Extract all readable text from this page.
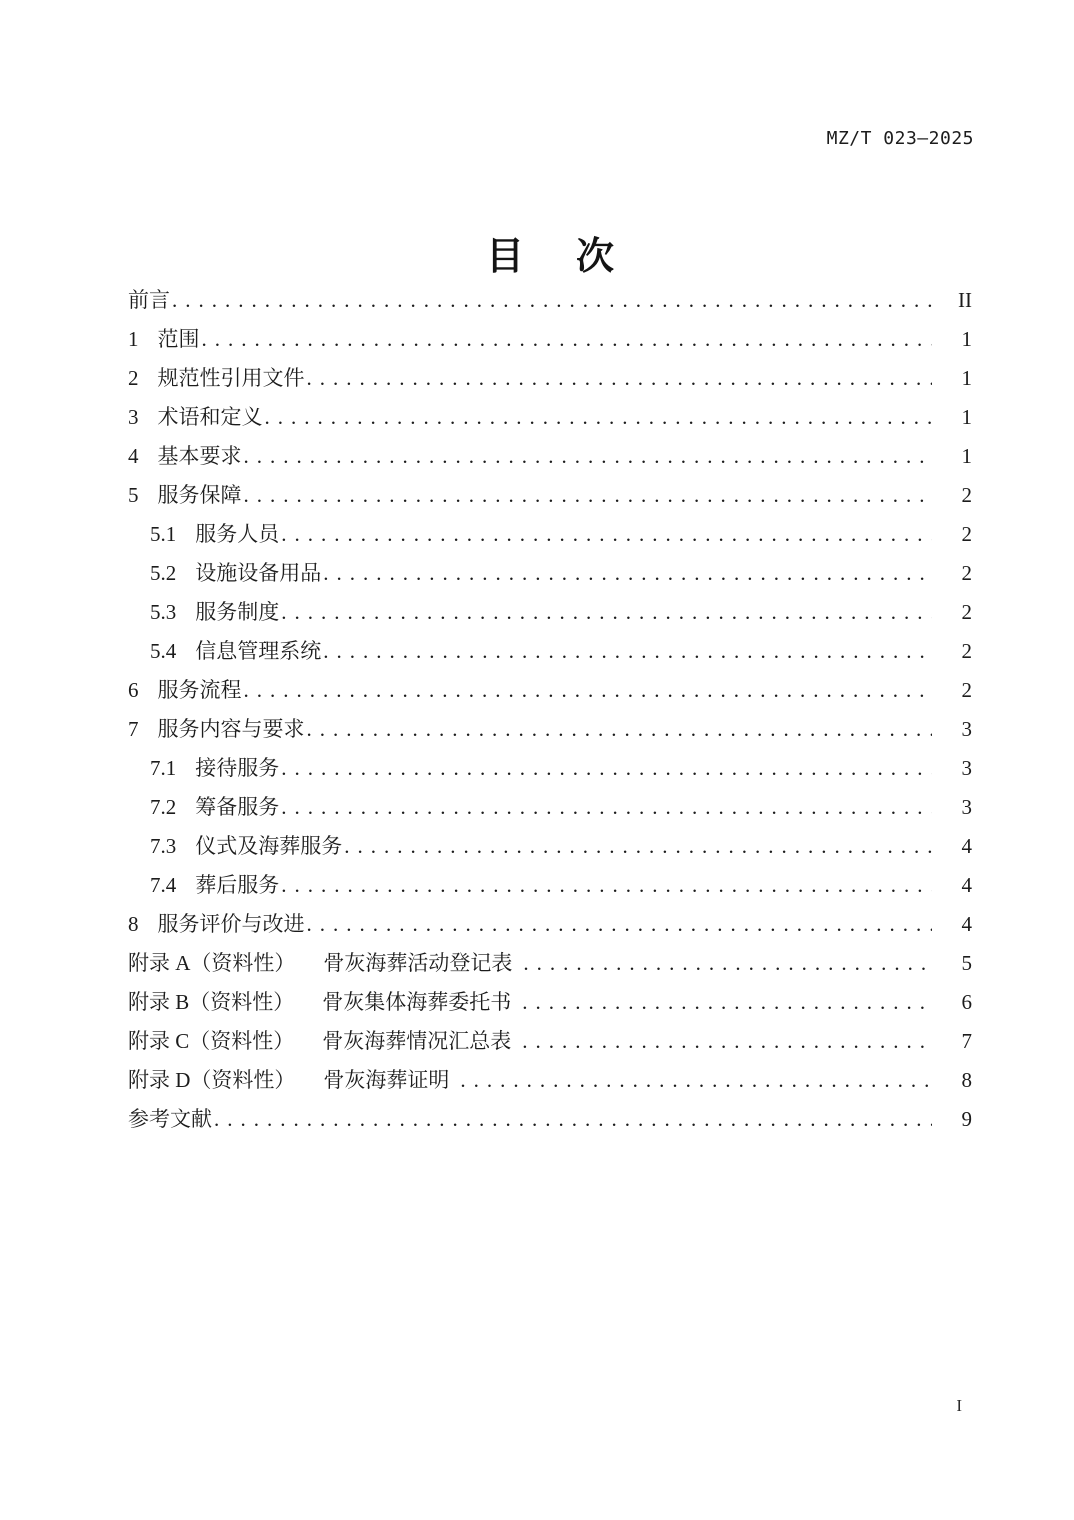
MZ/T 023—2025
目 次
前言 .....	II
1 范围 .....	1
2 规范性引用文件 .....	1
3 术语和定义 .....	1
4 基本要求 .....	1
5 服务保障 .....	2
5.1 服务人员 .....	2
5.2 设施设备用品 .....	2
5.3 服务制度 .....	2
5.4 信息管理系统 .....	2
6 服务流程 .....	2
7 服务内容与要求 .....	3
7.1 接待服务 .....	3
7.2 筹备服务 .....	3
7.3 仪式及海葬服务 .....	4
7.4 葬后服务 .....	4
8 服务评价与改进 .....	4
附录 A（资料性） 骨灰海葬活动登记表 .....	5
附录 B（资料性） 骨灰集体海葬委托书 .....	6
附录 C（资料性） 骨灰海葬情况汇总表 .....	7
附录 D（资料性） 骨灰海葬证明 .....	8
参考文献 .....	9
I
